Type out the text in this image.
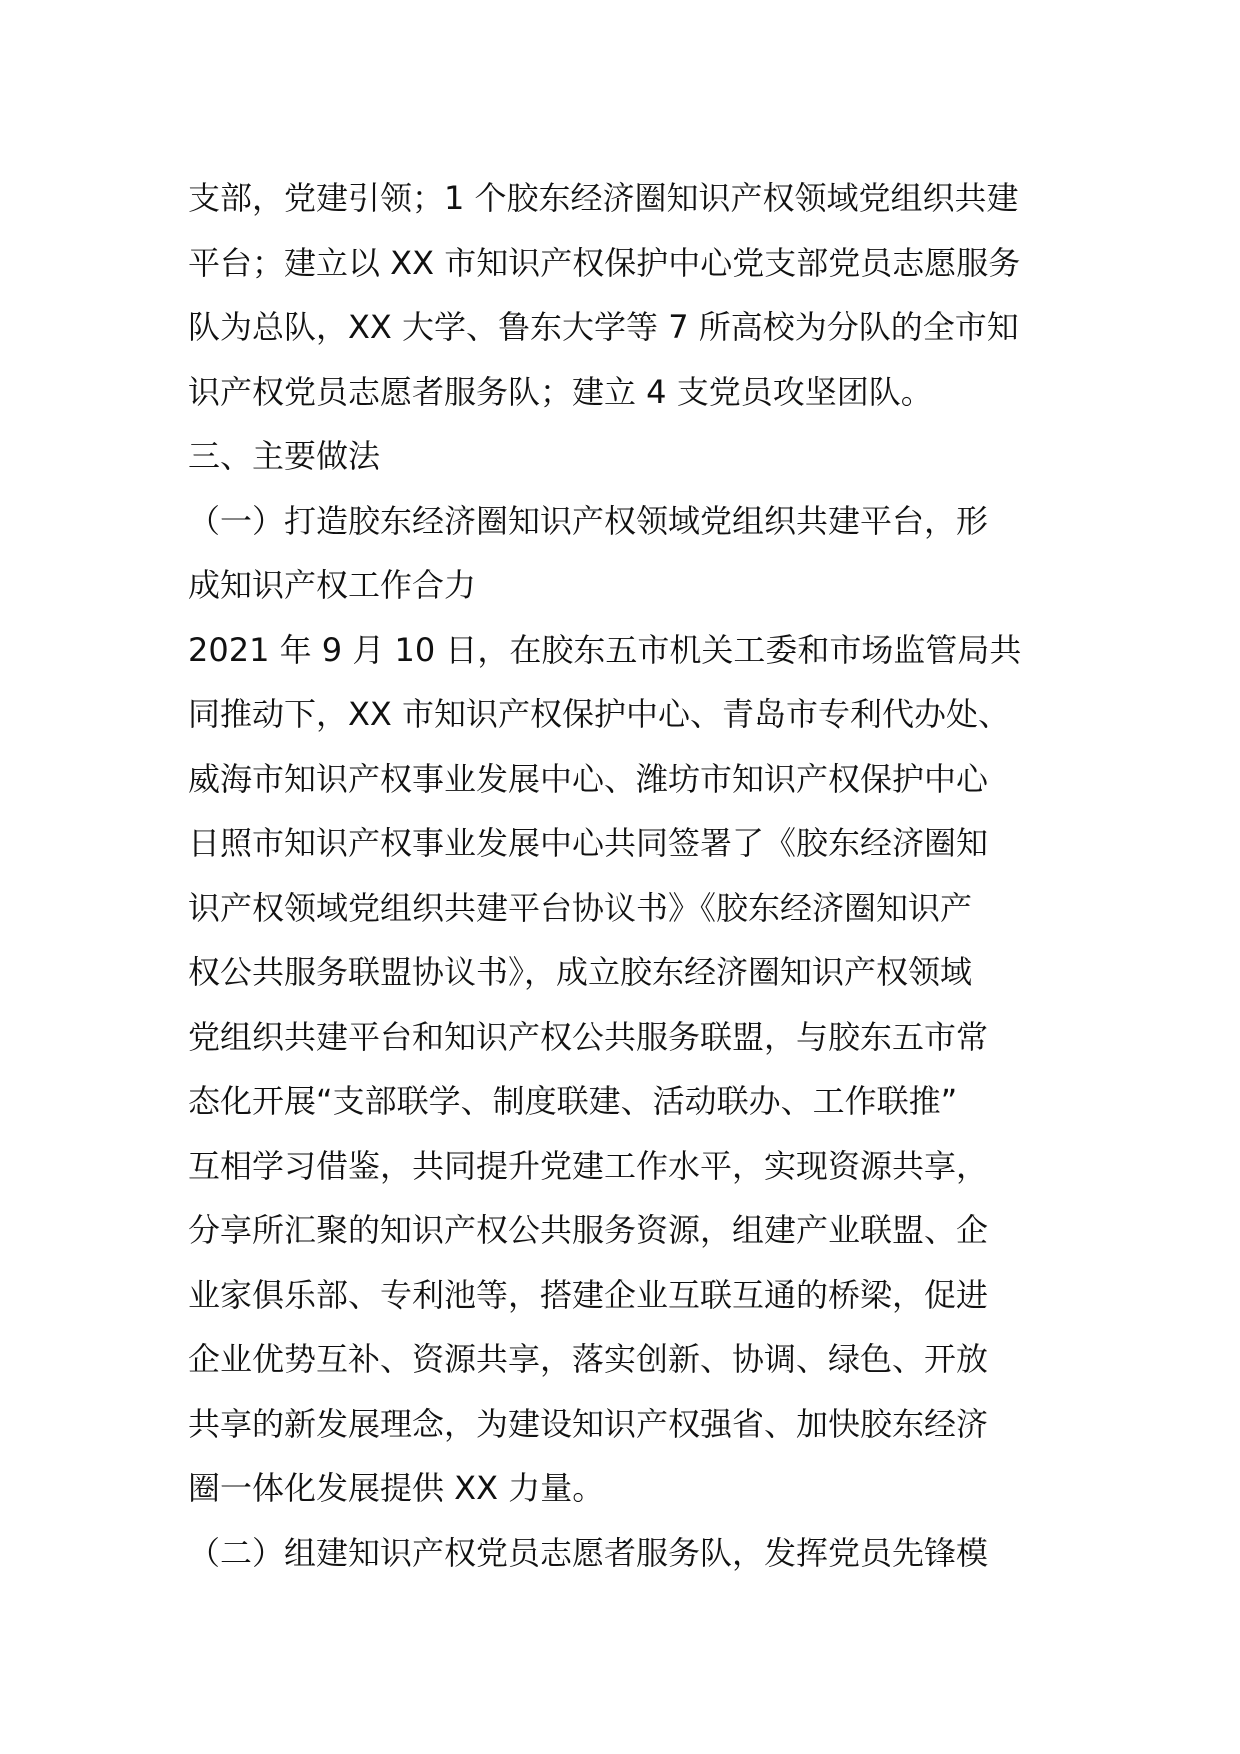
支部，党建引领；1 个胶东经济圈知识产权领域党组织共建
平台；建立以 XX 市知识产权保护中心党支部党员志愿服务
队为总队，XX 大学、鲁东大学等 7 所高校为分队的全市知
识产权党员志愿者服务队；建立 4 支党员攻坚团队。
三、主要做法
（一）打造胶东经济圈知识产权领域党组织共建平台，形
成知识产权工作合力
2021 年 9 月 10 日，在胶东五市机关工委和市场监管局共
同推动下，XX 市知识产权保护中心、青岛市专利代办处、
威海市知识产权事业发展中心、潍坊市知识产权保护中心
日照市知识产权事业发展中心共同签署了《胶东经济圈知
识产权领域党组织共建平台协议书》《胶东经济圈知识产
权公共服务联盟协议书》，成立胶东经济圈知识产权领域
党组织共建平台和知识产权公共服务联盟，与胶东五市常
态化开展“支部联学、制度联建、活动联办、工作联推”
互相学习借鉴，共同提升党建工作水平，实现资源共享，
分享所汇聚的知识产权公共服务资源，组建产业联盟、企
业家俱乐部、专利池等，搭建企业互联互通的桥梁，促进
企业优势互补、资源共享，落实创新、协调、绿色、开放
共享的新发展理念，为建设知识产权强省、加快胶东经济
圈一体化发展提供 XX 力量。
（二）组建知识产权党员志愿者服务队，发挥党员先锋模
